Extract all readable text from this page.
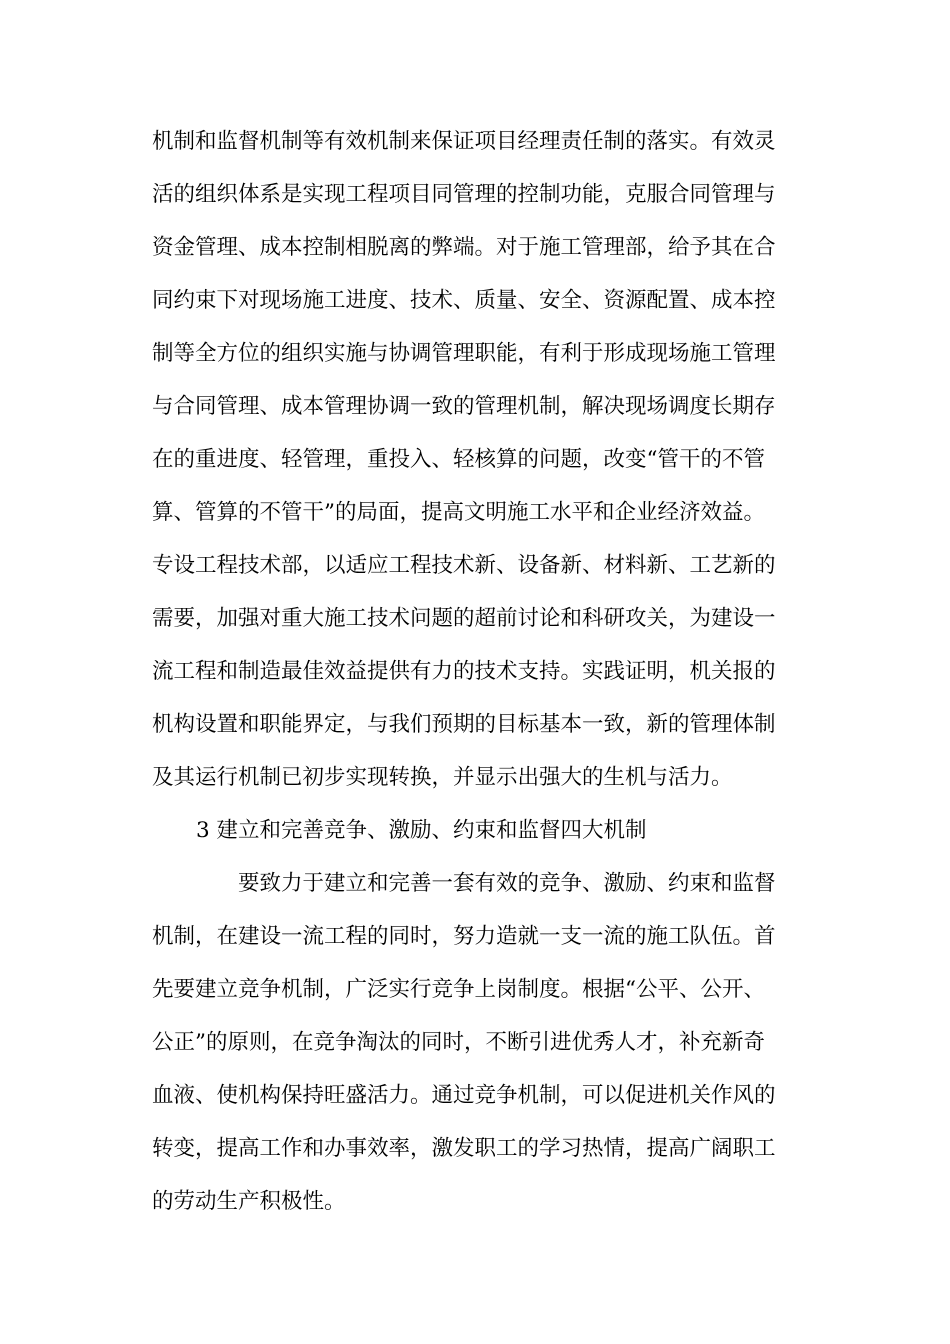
机制和监督机制等有效机制来保证项目经理责任制的落实。有效灵
活的组织体系是实现工程项目同管理的控制功能，克服合同管理与
资金管理、成本控制相脱离的弊端。对于施工管理部，给予其在合
同约束下对现场施工进度、技术、质量、安全、资源配置、成本控
制等全方位的组织实施与协调管理职能，有利于形成现场施工管理
与合同管理、成本管理协调一致的管理机制，解决现场调度长期存
在的重进度、轻管理，重投入、轻核算的问题，改变“管干的不管
算、管算的不管干”的局面，提高文明施工水平和企业经济效益。
专设工程技术部，以适应工程技术新、设备新、材料新、工艺新的
需要，加强对重大施工技术问题的超前讨论和科研攻关，为建设一
流工程和制造最佳效益提供有力的技术支持。实践证明，机关报的
机构设置和职能界定，与我们预期的目标基本一致，新的管理体制
及其运行机制已初步实现转换，并显示出强大的生机与活力。
3 建立和完善竞争、激励、约束和监督四大机制
要致力于建立和完善一套有效的竞争、激励、约束和监督
机制，在建设一流工程的同时，努力造就一支一流的施工队伍。首
先要建立竞争机制，广泛实行竞争上岗制度。根据“公平、公开、
公正”的原则，在竞争淘汰的同时，不断引进优秀人才，补充新奇
血液、使机构保持旺盛活力。通过竞争机制，可以促进机关作风的
转变，提高工作和办事效率，激发职工的学习热情，提高广阔职工
的劳动生产积极性。
